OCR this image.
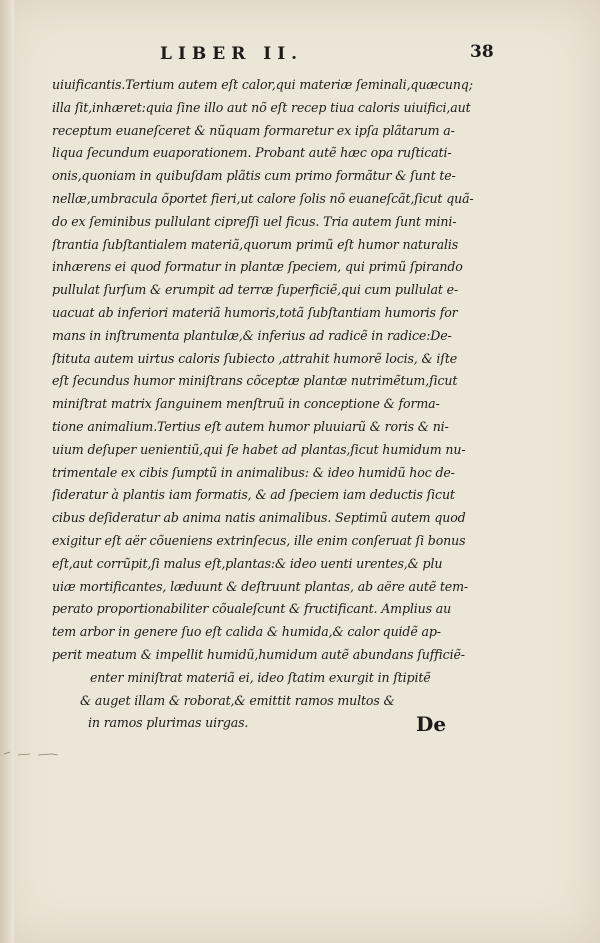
LIBER II.	38
uiuificantis.Tertium autem eſt calor,qui materiæ ſeminali,quæcunq;
illa ſit,inhæret:quia ſine illo aut nõ eſt recep tiua caloris uiuifici,aut
receptum euaneſceret & nũquam formaretur ex ipſa plãtarum a-
liqua ſecundum euaporationem. Probant autẽ hæc opa ruſticati-
onis,quoniam in quibuſdam plãtis cum primo formãtur & ſunt te-
nellæ,umbracula õportet fieri,ut calore ſolis nõ euaneſcãt,ſicut quã-
do ex ſeminibus pullulant cipreſſi uel ficus. Tria autem ſunt mini-
ſtrantia ſubſtantialem materiã,quorum primũ eſt humor naturalis
inhærens ei quod formatur in plantæ ſpeciem, qui primũ ſpirando
pullulat ſurſum & erumpit ad terræ ſuperficiẽ,qui cum pullulat e-
uacuat ab inferiori materiã humoris,totã ſubſtantiam humoris for
mans in inſtrumenta plantulæ,& inferius ad radicẽ in radice:De-
ſtituta autem uirtus caloris ſubiecto ,attrahit humorẽ locis, & iſte
eſt ſecundus humor miniſtrans cõceptæ plantæ nutrimẽtum,ſicut
miniſtrat matrix ſanguinem menſtruũ in conceptione & forma-
tione animalium.Tertius eſt autem humor pluuiarũ & roris & ni-
uium deſuper uenientiũ,qui ſe habet ad plantas,ſicut humidum nu-
trimentale ex cibis ſumptũ in animalibus: & ideo humidũ hoc de-
ſideratur à plantis iam formatis, & ad ſpeciem iam deductis ſicut
cibus deſideratur ab anima natis animalibus. Septimũ autem quod
exigitur eſt aër cõueniens extrinſecus, ille enim conſeruat ſi bonus
eſt,aut corrũpit,ſi malus eſt,plantas:& ideo uenti urentes,& plu
uiæ mortificantes, læduunt & deſtruunt plantas, ab aëre autẽ tem-
perato proportionabiliter cõualeſcunt & fructificant. Amplius au
tem arbor in genere ſuo eſt calida & humida,& calor quidẽ ap-
perit meatum & impellit humidũ,humidum autẽ abundans ſufficiẽ-
enter miniſtrat materiã ei, ideo ſtatim exurgit in ſtipitẽ
& auget illam & roborat,& emittit ramos multos &
in ramos plurimas uirgas.	De
